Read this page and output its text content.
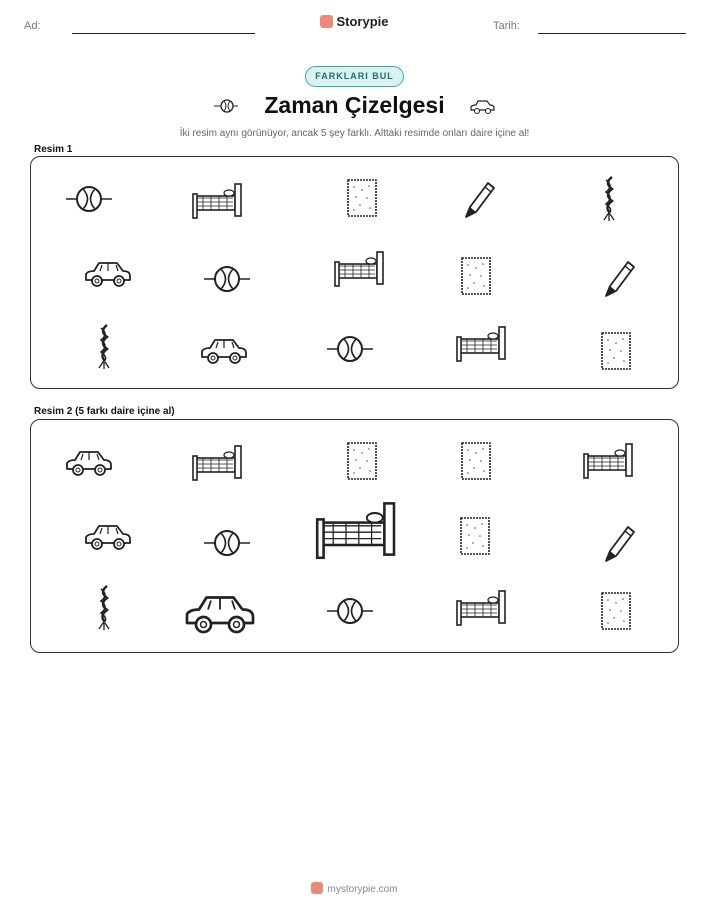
Ad:	Storypie	Tarih:
FARKLARI BUL
Zaman Çizelgesi
İki resim aynı görünüyor, ancak 5 şey farklı. Alttaki resimde onları daire içine al!
Resim 1
Resim 2 (5 farkı daire içine al)
mystorypie.com
